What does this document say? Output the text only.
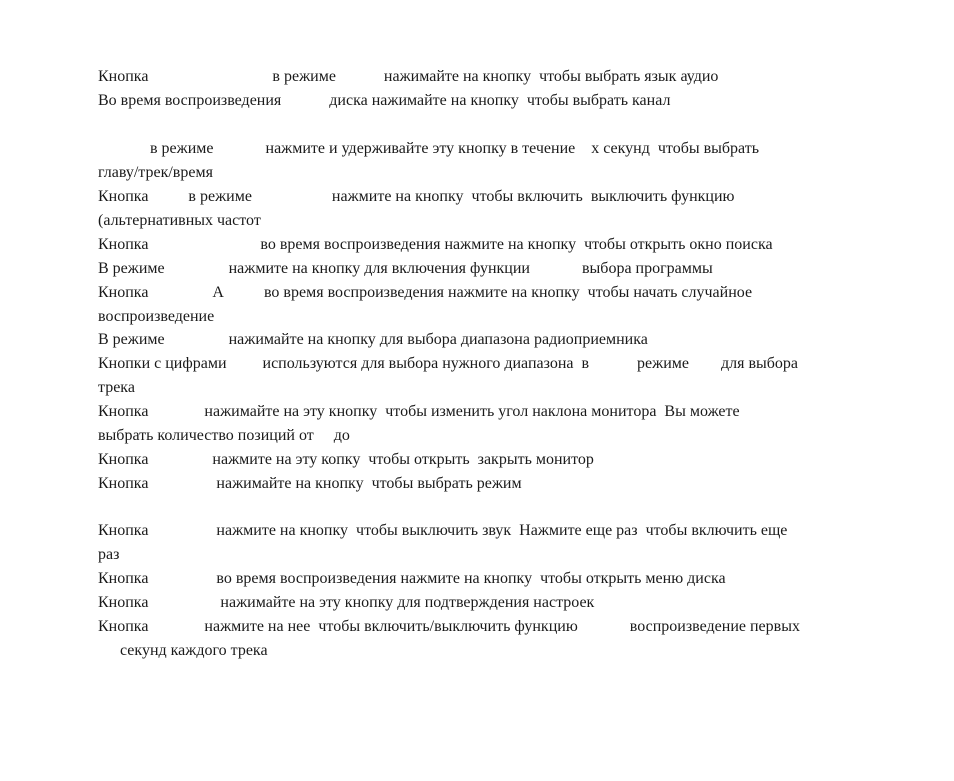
Кнопка                               в режиме            нажимайте на кнопку  чтобы выбрать язык аудио

Во время воспроизведения            диска нажимайте на кнопку  чтобы выбрать канал

в режиме             нажмите и удерживайте эту кнопку в течение    х секунд  чтобы выбрать

главу/трек/время

Кнопка          в режиме                    нажмите на кнопку  чтобы включить  выключить функцию

(альтернативных частот

Кнопка                            во время воспроизведения нажмите на кнопку  чтобы открыть окно поиска

В режиме                нажмите на кнопку для включения функции             выбора программы

Кнопка                А          во время воспроизведения нажмите на кнопку  чтобы начать случайное

воспроизведение

В режиме                нажимайте на кнопку для выбора диапазона радиоприемника

Кнопки с цифрами         используются для выбора нужного диапазона  в            режиме        для выбора

трека

Кнопка              нажимайте на эту кнопку  чтобы изменить угол наклона монитора  Вы можете

выбрать количество позиций от     до

Кнопка                нажмите на эту копку  чтобы открыть  закрыть монитор

Кнопка                 нажимайте на кнопку  чтобы выбрать режим

Кнопка                 нажмите на кнопку  чтобы выключить звук  Нажмите еще раз  чтобы включить еще

раз

Кнопка                 во время воспроизведения нажмите на кнопку  чтобы открыть меню диска

Кнопка                  нажимайте на эту кнопку для подтверждения настроек

Кнопка              нажмите на нее  чтобы включить/выключить функцию             воспроизведение первых

секунд каждого трека
